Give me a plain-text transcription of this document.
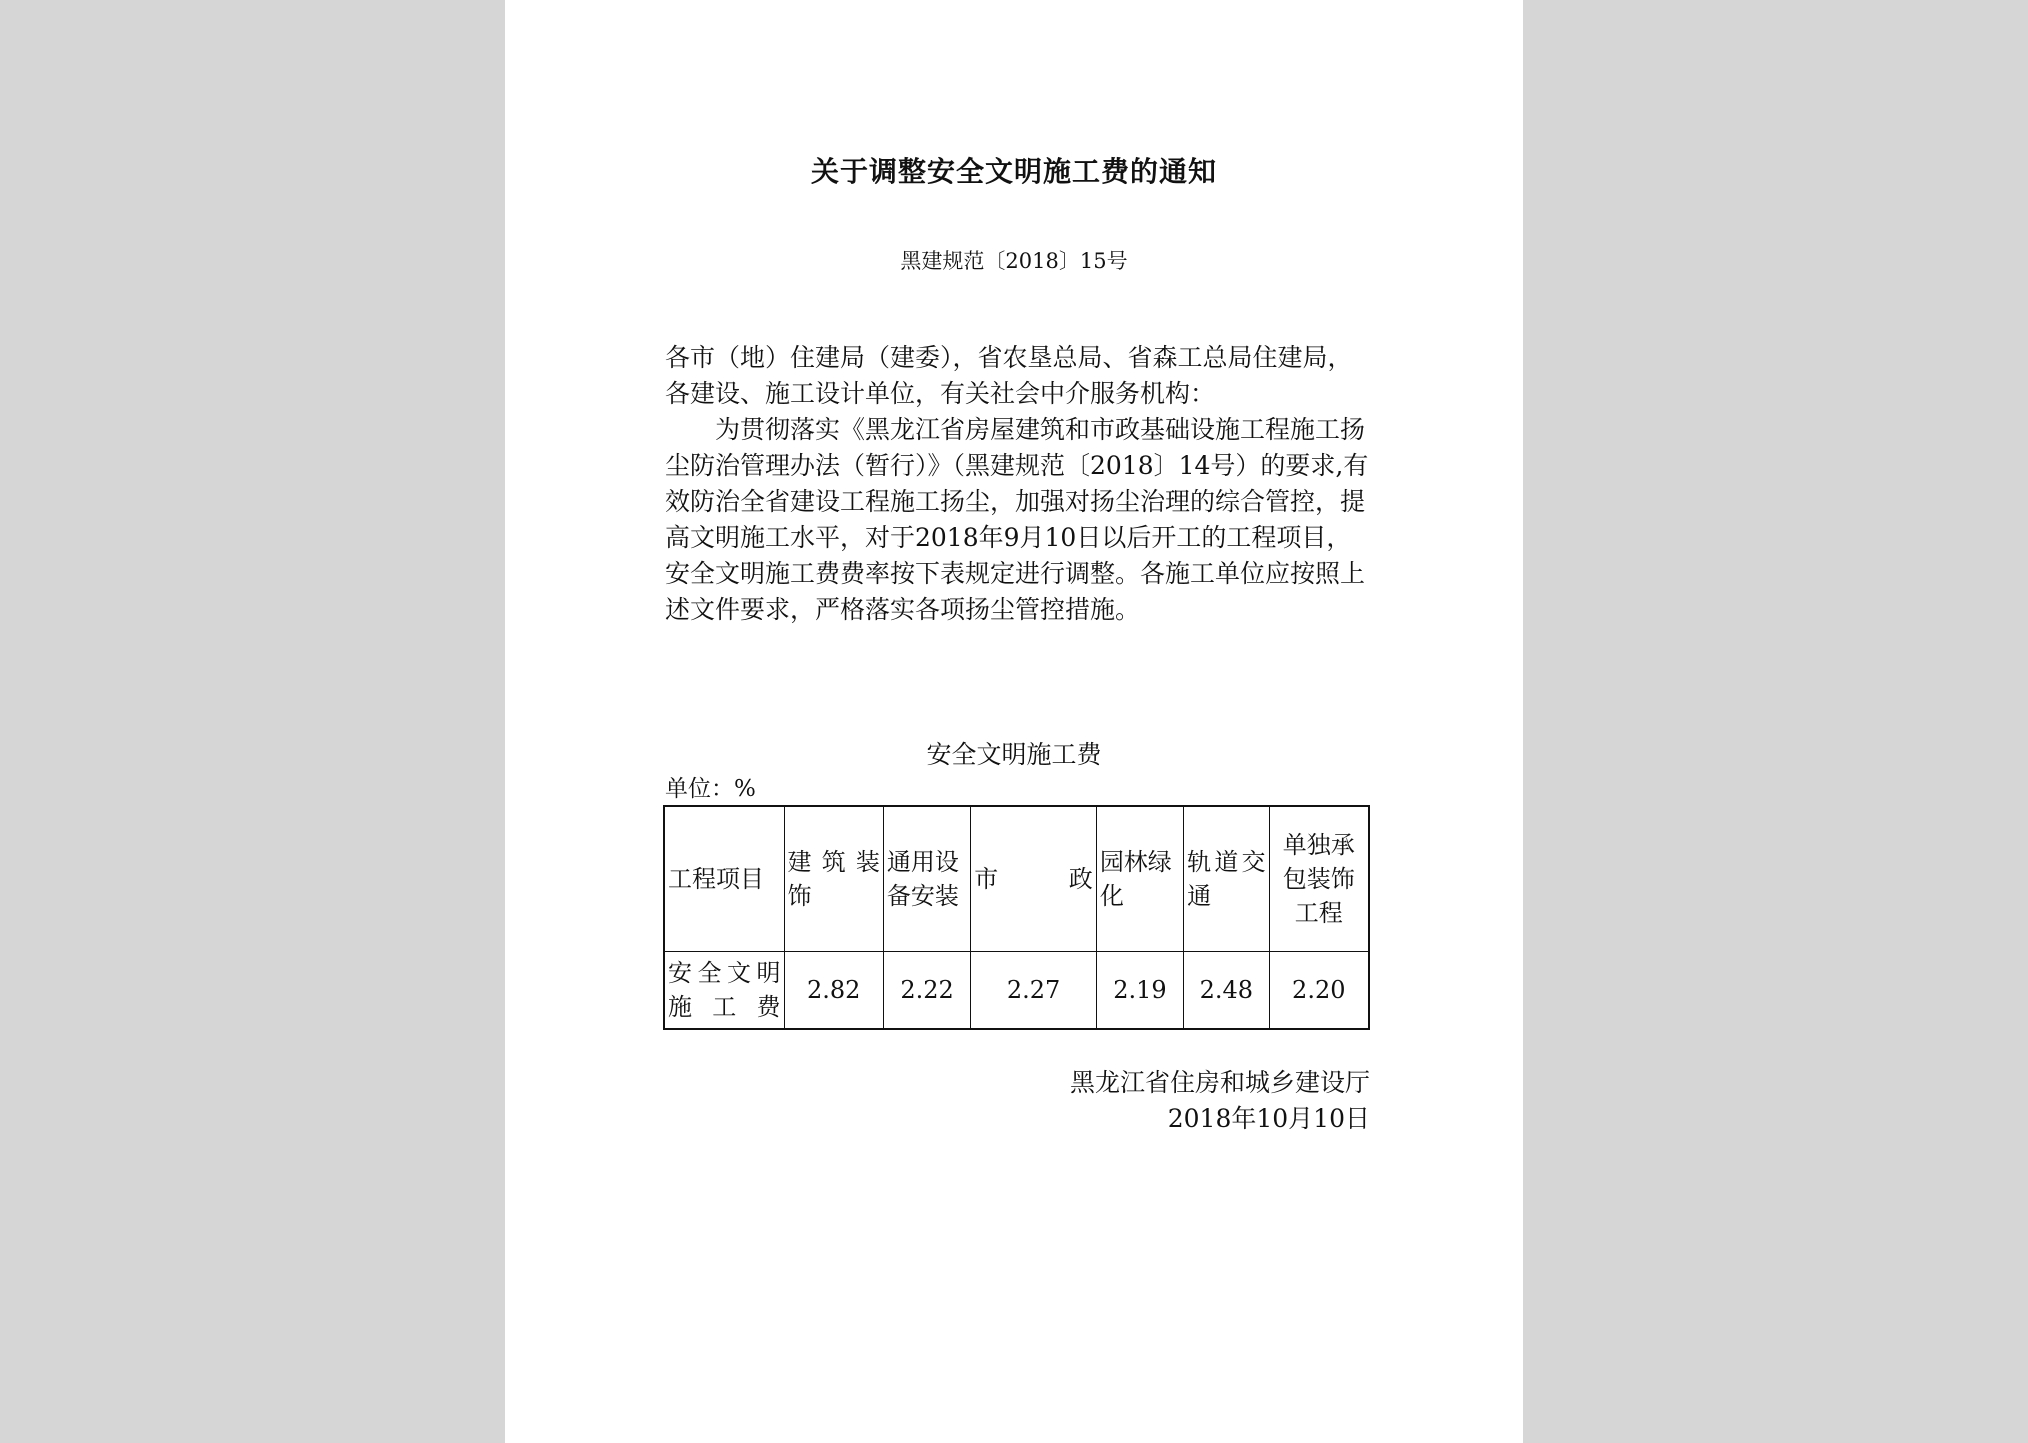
关于调整安全文明施工费的通知
黑建规范〔2018〕15号

各市（地）住建局（建委），省农垦总局、省森工总局住建局，各建设、施工设计单位，有关社会中介服务机构：

为贯彻落实《黑龙江省房屋建筑和市政基础设施工程施工扬尘防治管理办法（暂行）》（黑建规范〔2018〕14号）的要求,有效防治全省建设工程施工扬尘，加强对扬尘治理的综合管控，提高文明施工水平，对于2018年9月10日以后开工的工程项目，安全文明施工费费率按下表规定进行调整。各施工单位应按照上述文件要求，严格落实各项扬尘管控措施。

安全文明施工费
单位：%
工程项目	建筑装饰	通用设备安装	市政	园林绿化	轨道交通	单独承包装饰工程
安全文明施工费	2.82	2.22	2.27	2.19	2.48	2.20
黑龙江省住房和城乡建设厅
2018年10月10日
